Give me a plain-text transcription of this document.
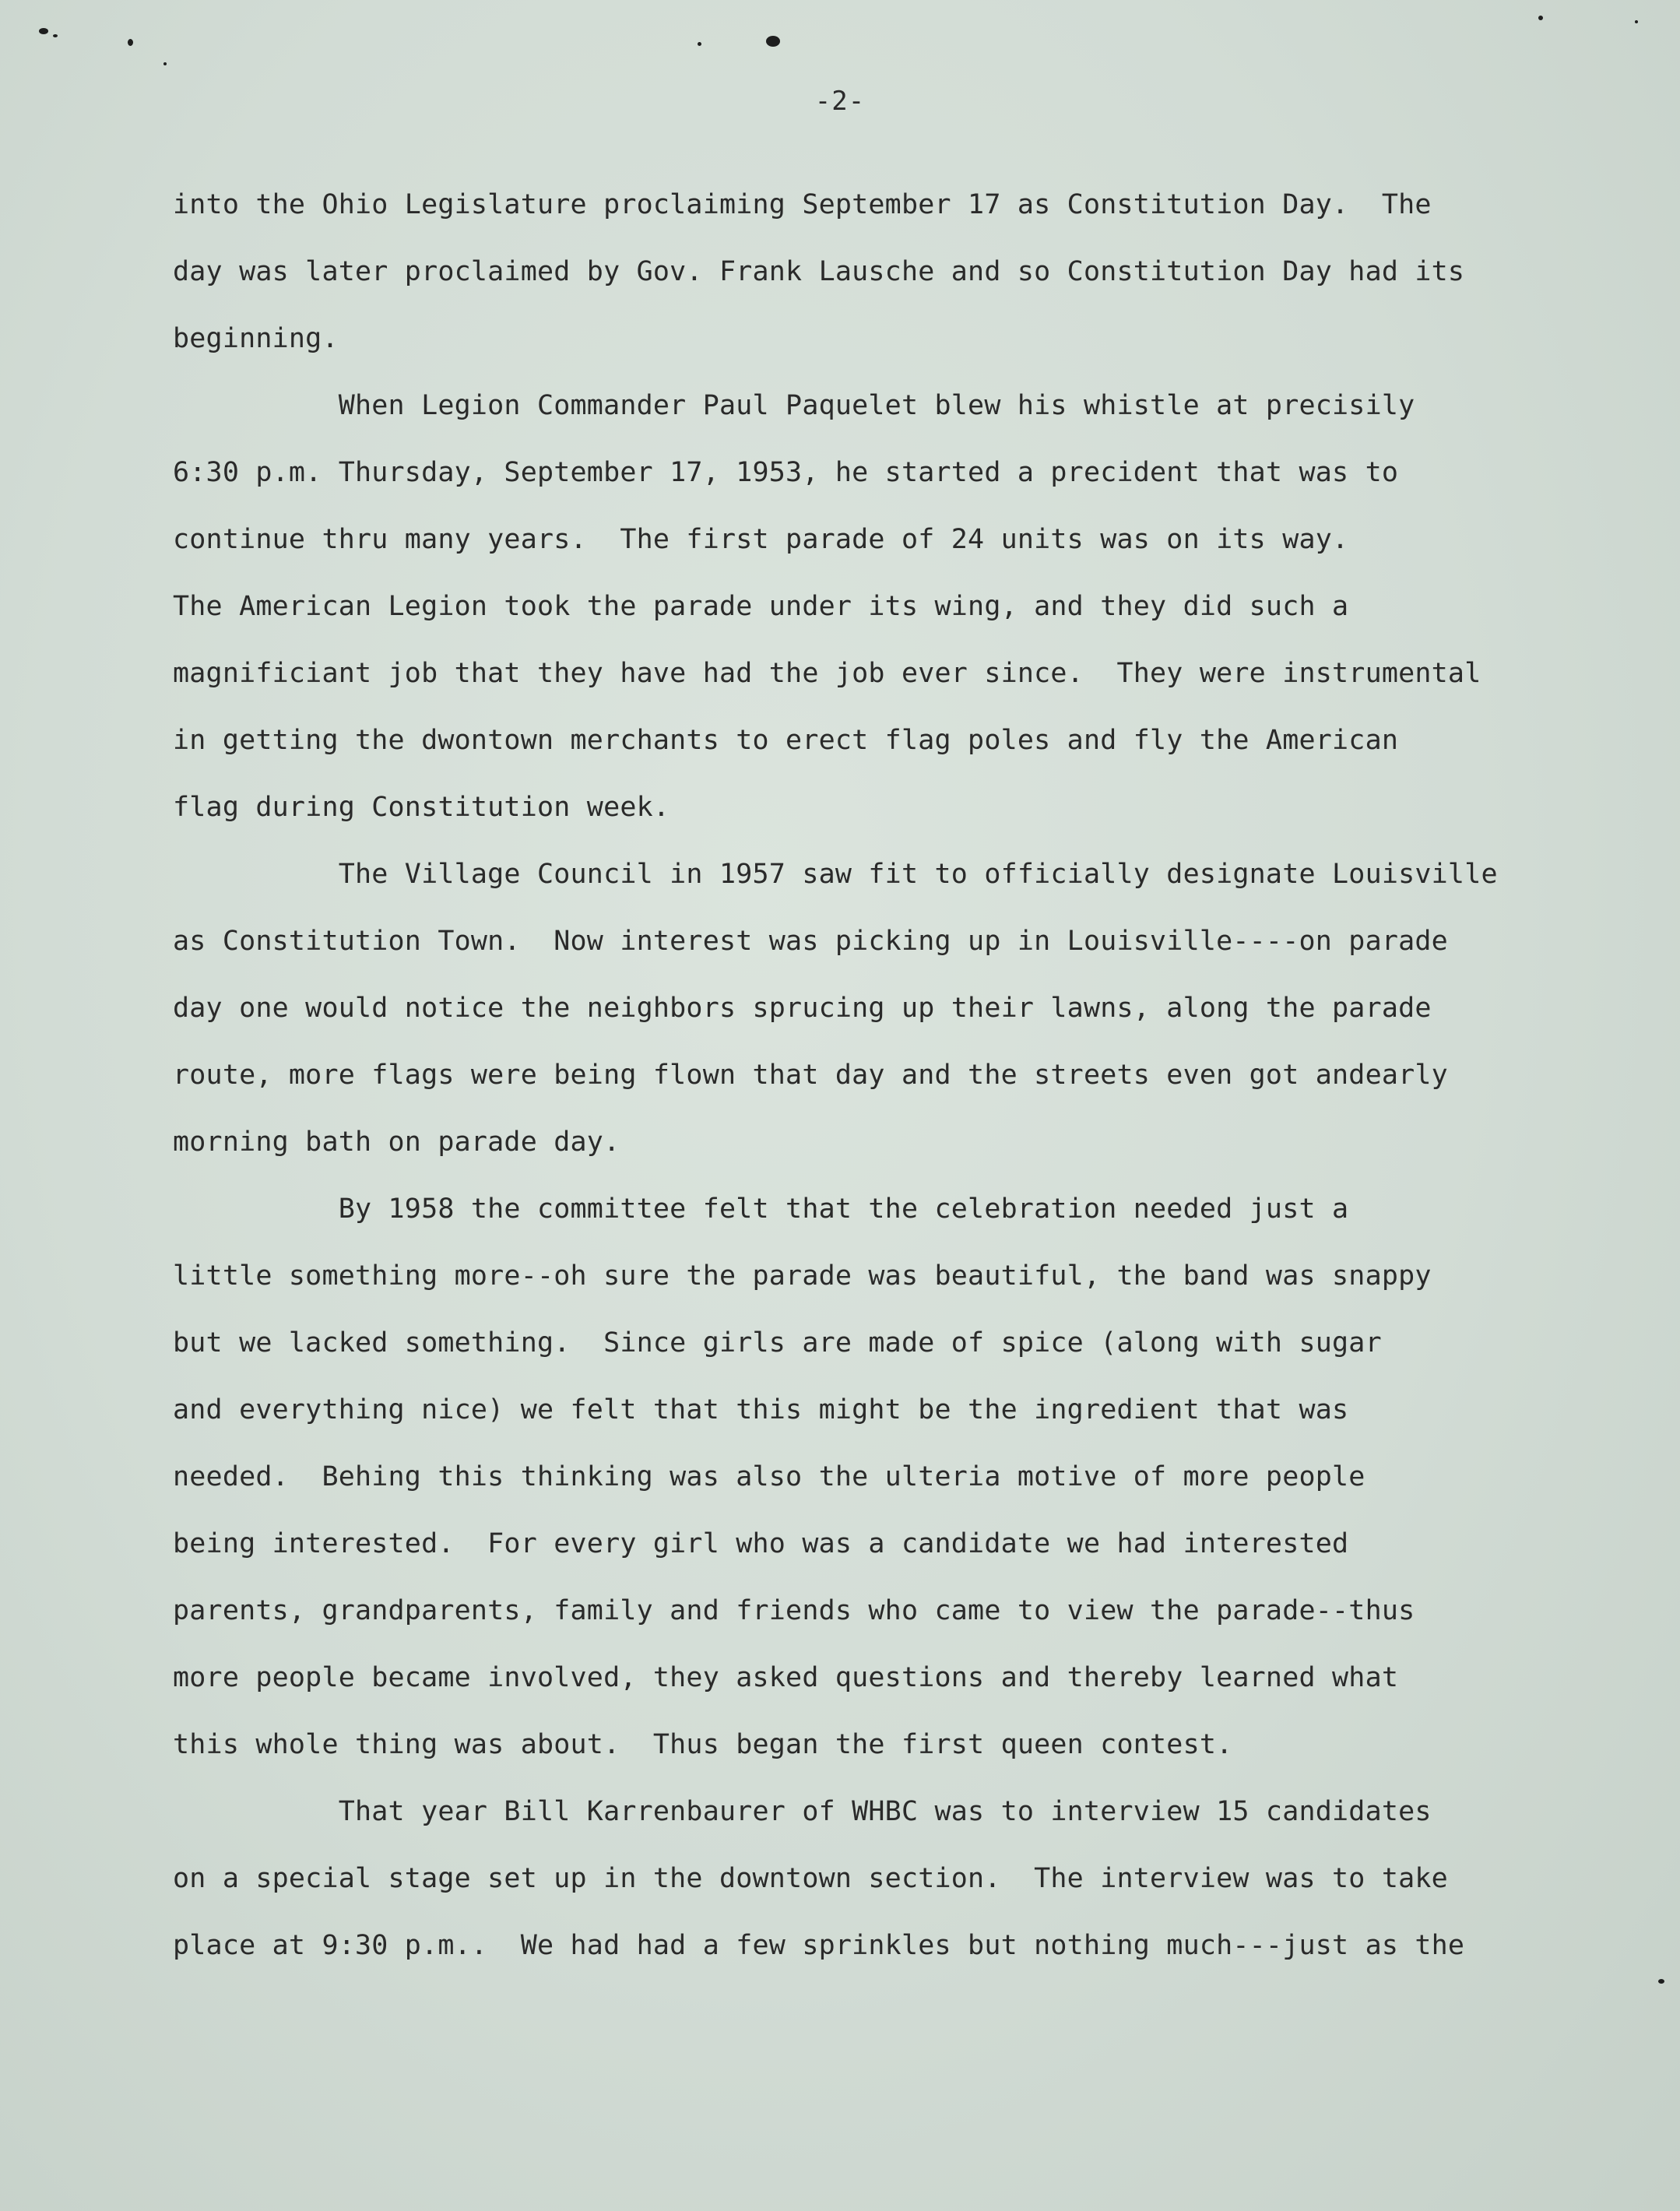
-2-
into the Ohio Legislature proclaiming September 17 as Constitution Day.  The
day was later proclaimed by Gov. Frank Lausche and so Constitution Day had its
beginning.
When Legion Commander Paul Paquelet blew his whistle at precisily
6:30 p.m. Thursday, September 17, 1953, he started a precident that was to
continue thru many years.  The first parade of 24 units was on its way.
The American Legion took the parade under its wing, and they did such a
magnificiant job that they have had the job ever since.  They were instrumental
in getting the dwontown merchants to erect flag poles and fly the American
flag during Constitution week.
The Village Council in 1957 saw fit to officially designate Louisville
as Constitution Town.  Now interest was picking up in Louisville----on parade
day one would notice the neighbors sprucing up their lawns, along the parade
route, more flags were being flown that day and the streets even got andearly
morning bath on parade day.
By 1958 the committee felt that the celebration needed just a
little something more--oh sure the parade was beautiful, the band was snappy
but we lacked something.  Since girls are made of spice (along with sugar
and everything nice) we felt that this might be the ingredient that was
needed.  Behing this thinking was also the ulteria motive of more people
being interested.  For every girl who was a candidate we had interested
parents, grandparents, family and friends who came to view the parade--thus
more people became involved, they asked questions and thereby learned what
this whole thing was about.  Thus began the first queen contest.
That year Bill Karrenbaurer of WHBC was to interview 15 candidates
on a special stage set up in the downtown section.  The interview was to take
place at 9:30 p.m..  We had had a few sprinkles but nothing much---just as the
